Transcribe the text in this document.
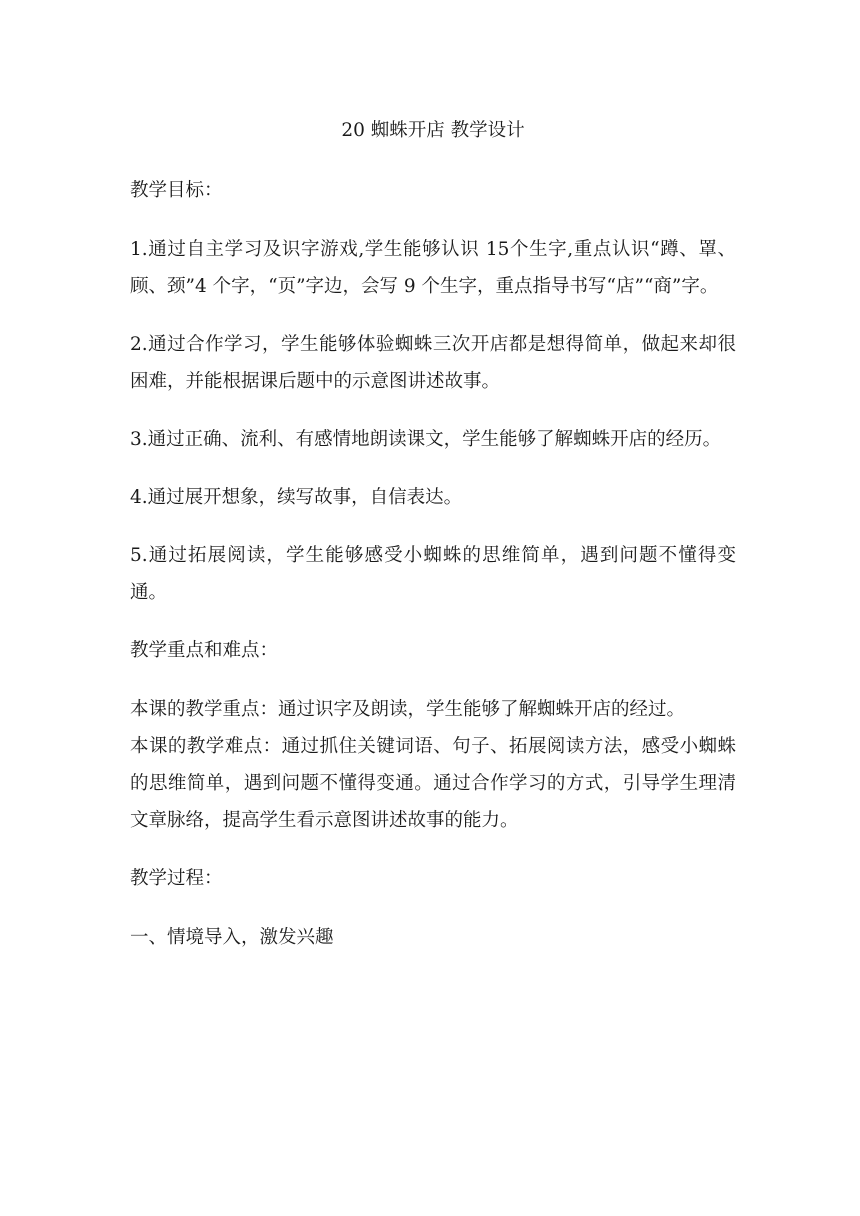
20 蜘蛛开店 教学设计
教学目标：
1.通过自主学习及识字游戏,学生能够认识 15个生字,重点认识“蹲、罩、顾、颈”4 个字，“页”字边，会写 9 个生字，重点指导书写“店”“商”字。
2.通过合作学习，学生能够体验蜘蛛三次开店都是想得简单，做起来却很困难，并能根据课后题中的示意图讲述故事。
3.通过正确、流利、有感情地朗读课文，学生能够了解蜘蛛开店的经历。
4.通过展开想象，续写故事，自信表达。
5.通过拓展阅读，学生能够感受小蜘蛛的思维简单，遇到问题不懂得变通。
教学重点和难点：
本课的教学重点：通过识字及朗读，学生能够了解蜘蛛开店的经过。
本课的教学难点：通过抓住关键词语、句子、拓展阅读方法，感受小蜘蛛的思维简单，遇到问题不懂得变通。通过合作学习的方式，引导学生理清文章脉络，提高学生看示意图讲述故事的能力。
教学过程：
一、情境导入，激发兴趣
